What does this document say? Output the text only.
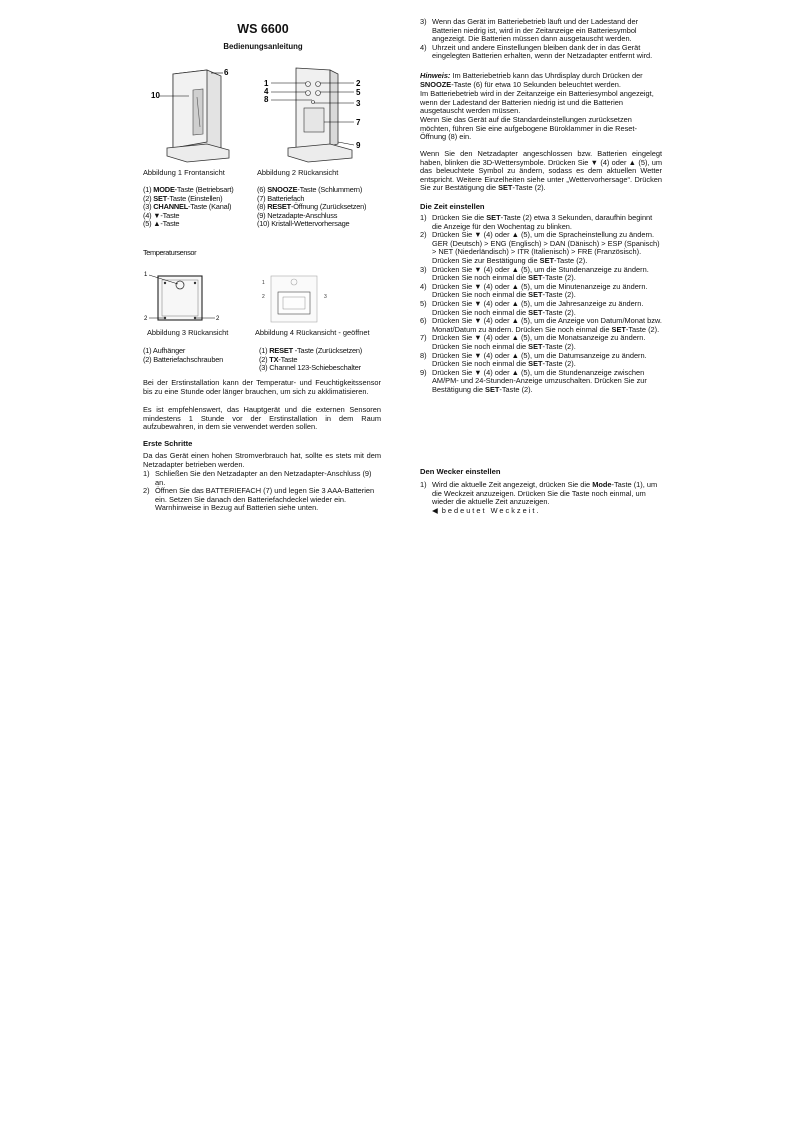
WS 6600
Bedienungsanleitung
10
6
Abbildung 1 Frontansicht
1
4
8
2
5
3
7
9
Abbildung 2 Rückansicht
(1) MODE-Taste (Betriebsart)
(2) SET-Taste (Einstellen)
(3) CHANNEL-Taste (Kanal)
(4) ▼-Taste
(5) ▲-Taste
(6) SNOOZE-Taste (Schlummern)
(7) Batteriefach
(8) RESET-Öffnung (Zurücksetzen)
(9) Netzadapte-Anschluss
(10) Kristall-Wettervorhersage
Temperatursensor
1
2	2
Abbildung 3 Rückansicht
1
2	3
Abbildung 4 Rückansicht - geöffnet
(1) Aufhänger
(2) Batteriefachschrauben
(1) RESET -Taste (Zurücksetzen)
(2) TX-Taste
(3) Channel 123-Schiebeschalter
Bei der Erstinstallation kann der Temperatur- und Feuchtigkeitssensor bis zu eine Stunde oder länger brauchen, um sich zu akklimatisieren.
Es ist empfehlenswert, das Hauptgerät und die externen Sensoren mindestens 1 Stunde vor der Erstinstallation in dem Raum aufzubewahren, in dem sie verwendet werden sollen.
Erste Schritte
Da das Gerät einen hohen Stromverbrauch hat, sollte es stets mit dem Netzadapter betrieben werden.
1) Schließen Sie den Netzadapter an den Netzadapter-Anschluss (9) an.
2) Öffnen Sie das BATTERIEFACH (7) und legen Sie 3 AAA-Batterien ein. Setzen Sie danach den Batteriefachdeckel wieder ein. Warnhinweise in Bezug auf Batterien siehe unten.
3) Wenn das Gerät im Batteriebetrieb läuft und der Ladestand der Batterien niedrig ist, wird in der Zeitanzeige ein Batteriesymbol angezeigt. Die Batterien müssen dann ausgetauscht werden.
4) Uhrzeit und andere Einstellungen bleiben dank der in das Gerät eingelegten Batterien erhalten, wenn der Netzadapter entfernt wird.
Hinweis: Im Batteriebetrieb kann das Uhrdisplay durch Drücken der SNOOZE-Taste (6) für etwa 10 Sekunden beleuchtet werden.
Im Batteriebetrieb wird in der Zeitanzeige ein Batteriesymbol angezeigt, wenn der Ladestand der Batterien niedrig ist und die Batterien ausgetauscht werden müssen.
Wenn Sie das Gerät auf die Standardeinstellungen zurücksetzen möchten, führen Sie eine aufgebogene Büroklammer in die Reset-Öffnung (8) ein.
Wenn Sie den Netzadapter angeschlossen bzw. Batterien eingelegt haben, blinken die 3D-Wettersymbole. Drücken Sie ▼ (4) oder ▲ (5), um das beleuchtete Symbol zu ändern, sodass es dem aktuellen Wetter entspricht. Weitere Einzelheiten siehe unter „Wettervorhersage“. Drücken Sie zur Bestätigung die SET-Taste (2).
Die Zeit einstellen
1) Drücken Sie die SET-Taste (2) etwa 3 Sekunden, daraufhin beginnt die Anzeige für den Wochentag zu blinken.
2) Drücken Sie ▼ (4) oder ▲ (5), um die Spracheinstellung zu ändern.
GER (Deutsch) > ENG (Englisch) > DAN (Dänisch) > ESP (Spanisch) > NET (Niederländisch) > ITR (Italienisch) > FRE (Französisch). Drücken Sie zur Bestätigung die SET-Taste (2).
3) Drücken Sie ▼ (4) oder ▲ (5), um die Stundenanzeige zu ändern.
Drücken Sie noch einmal die SET-Taste (2).
4) Drücken Sie ▼ (4) oder ▲ (5), um die Minutenanzeige zu ändern.
Drücken Sie noch einmal die SET-Taste (2).
5) Drücken Sie ▼ (4) oder ▲ (5), um die Jahresanzeige zu ändern.
Drücken Sie noch einmal die SET-Taste (2).
6) Drücken Sie ▼ (4) oder ▲ (5), um die Anzeige von Datum/Monat bzw. Monat/Datum zu ändern. Drücken Sie noch einmal die SET-Taste (2).
7) Drücken Sie ▼ (4) oder ▲ (5), um die Monatsanzeige zu ändern.
Drücken Sie noch einmal die SET-Taste (2).
8) Drücken Sie ▼ (4) oder ▲ (5), um die Datumsanzeige zu ändern.
Drücken Sie noch einmal die SET-Taste (2).
9) Drücken Sie ▼ (4) oder ▲ (5), um die Stundenanzeige zwischen AM/PM- und 24-Stunden-Anzeige umzuschalten. Drücken Sie zur Bestätigung die SET-Taste (2).
Den Wecker einstellen
1) Wird die aktuelle Zeit angezeigt, drücken Sie die Mode-Taste (1), um die Weckzeit anzuzeigen. Drücken Sie die Taste noch einmal, um wieder die aktuelle Zeit anzuzeigen.
◀ bedeutet Weckzeit.
